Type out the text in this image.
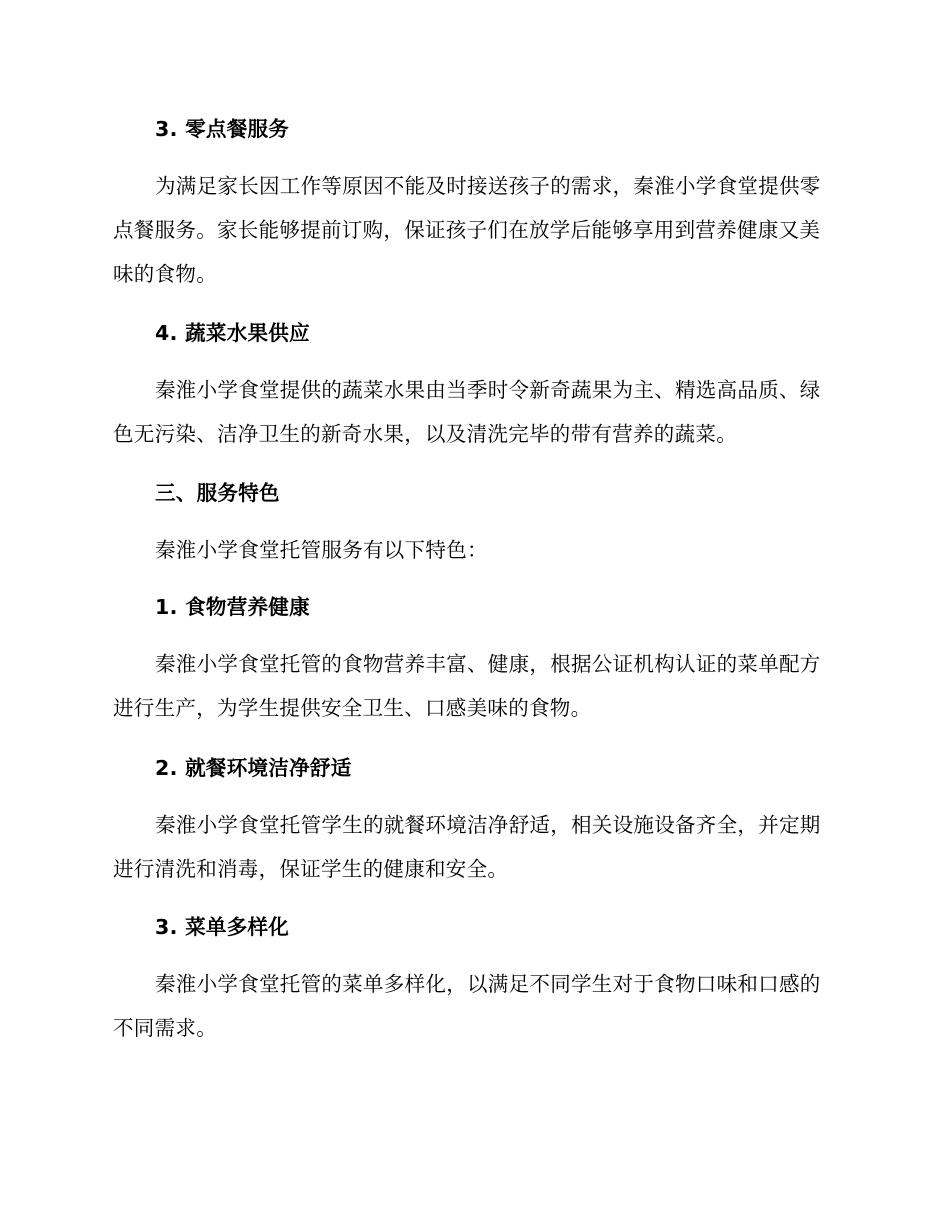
3. 零点餐服务

为满足家长因工作等原因不能及时接送孩子的需求，秦淮小学食堂提供零点餐服务。家长能够提前订购，保证孩子们在放学后能够享用到营养健康又美味的食物。

4. 蔬菜水果供应

秦淮小学食堂提供的蔬菜水果由当季时令新奇蔬果为主、精选高品质、绿色无污染、洁净卫生的新奇水果，以及清洗完毕的带有营养的蔬菜。

三、服务特色

秦淮小学食堂托管服务有以下特色：

1. 食物营养健康

秦淮小学食堂托管的食物营养丰富、健康，根据公证机构认证的菜单配方进行生产，为学生提供安全卫生、口感美味的食物。

2. 就餐环境洁净舒适

秦淮小学食堂托管学生的就餐环境洁净舒适，相关设施设备齐全，并定期进行清洗和消毒，保证学生的健康和安全。

3. 菜单多样化

秦淮小学食堂托管的菜单多样化，以满足不同学生对于食物口味和口感的不同需求。
